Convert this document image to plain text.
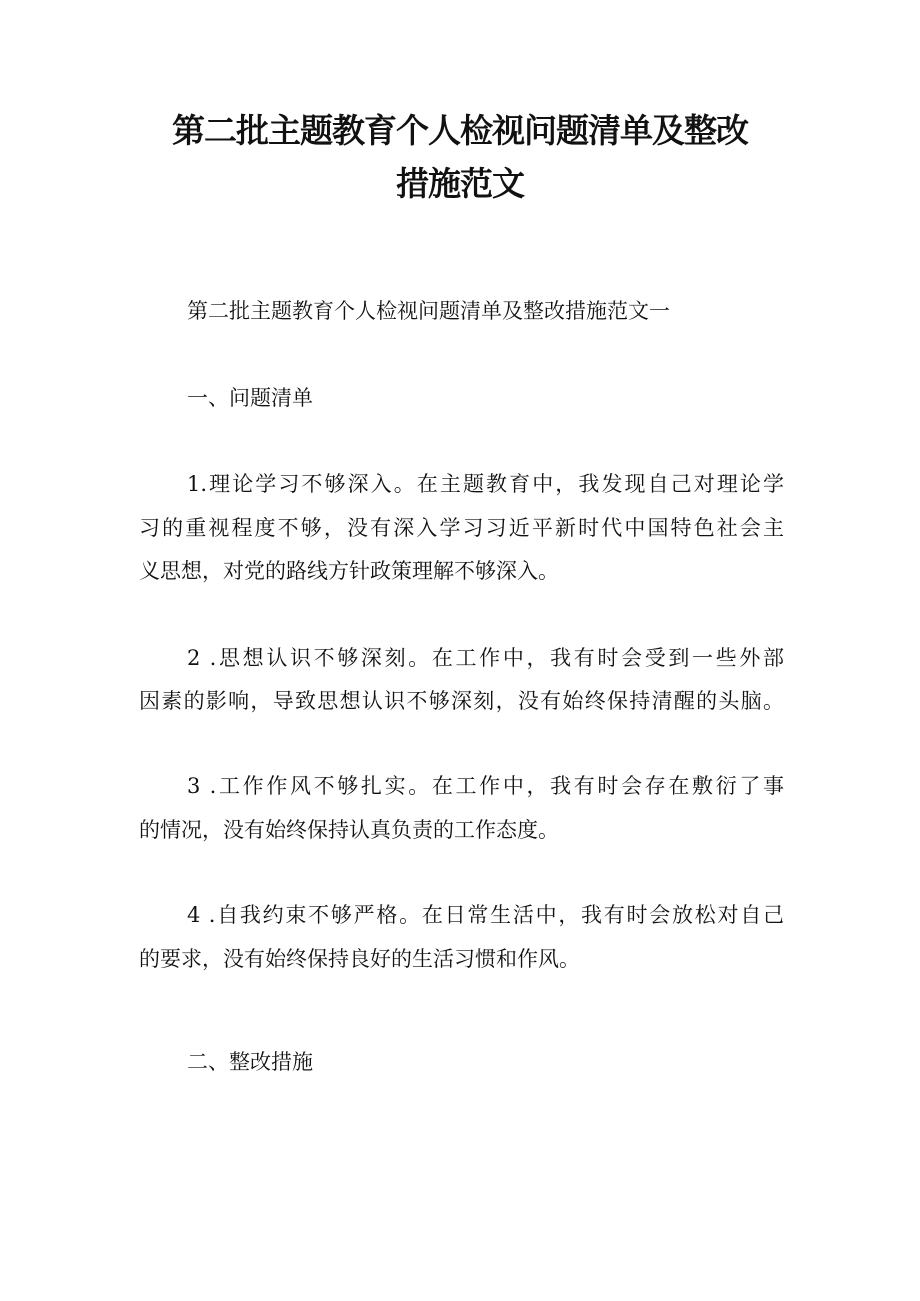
第二批主题教育个人检视问题清单及整改
措施范文
第二批主题教育个人检视问题清单及整改措施范文一
一、问题清单
1.理论学习不够深入。在主题教育中，我发现自己对理论学
习的重视程度不够，没有深入学习习近平新时代中国特色社会主
义思想，对党的路线方针政策理解不够深入。
2 .思想认识不够深刻。在工作中，我有时会受到一些外部
因素的影响，导致思想认识不够深刻，没有始终保持清醒的头脑。
3 .工作作风不够扎实。在工作中，我有时会存在敷衍了事
的情况，没有始终保持认真负责的工作态度。
4 .自我约束不够严格。在日常生活中，我有时会放松对自己
的要求，没有始终保持良好的生活习惯和作风。
二、整改措施
